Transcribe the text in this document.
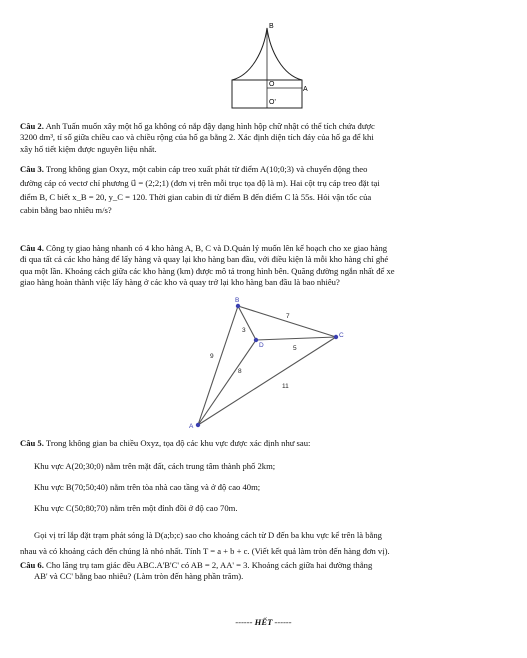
B
O
A
O'
Câu 2. Anh Tuấn muốn xây một hố ga không có nắp đậy dạng hình hộp chữ nhật có thể tích chứa được
3200 dm³, tỉ số giữa chiều cao và chiều rộng của hố ga bằng 2. Xác định diện tích đáy của hố ga để khi
xây hố tiết kiệm được nguyên liệu nhất.
Câu 3. Trong không gian Oxyz, một cabin cáp treo xuất phát từ điểm A(10;0;3) và chuyển động theo
đường cáp có vectơ chỉ phương u⃗ = (2;2;1) (đơn vị trên mỗi trục tọa độ là m). Hai cột trụ cáp treo đặt tại
điểm B, C biết x_B = 20, y_C = 120. Thời gian cabin đi từ điểm B đến điểm C là 55s. Hỏi vận tốc của
cabin bằng bao nhiêu m/s?
Câu 4. Công ty giao hàng nhanh có 4 kho hàng A, B, C và D.Quản lý muốn lên kế hoạch cho xe giao hàng
đi qua tất cả các kho hàng để lấy hàng và quay lại kho hàng ban đầu, với điều kiện là mỗi kho hàng chỉ ghé
qua một lần. Khoảng cách giữa các kho hàng (km) được mô tả trong hình bên. Quãng đường ngắn nhất để xe
giao hàng hoàn thành việc lấy hàng ở các kho và quay trở lại kho hàng ban đầu là bao nhiêu?
A
B
C
D
9
3
7
5
8
11
Câu 5. Trong không gian ba chiều Oxyz, tọa độ các khu vực được xác định như sau:
Khu vực A(20;30;0) nằm trên mặt đất, cách trung tâm thành phố 2km;
Khu vực B(70;50;40) nằm trên tòa nhà cao tầng và ở độ cao 40m;
Khu vực C(50;80;70) nằm trên một đỉnh đồi ở độ cao 70m.
Gọi vị trí lắp đặt trạm phát sóng là D(a;b;c) sao cho khoảng cách từ D đến ba khu vực kể trên là bằng
nhau và có khoảng cách đến chúng là nhỏ nhất. Tính T = a + b + c. (Viết kết quả làm tròn đến hàng đơn vị).
Câu 6. Cho lăng trụ tam giác đều ABC.A'B'C' có AB = 2, AA' = 3. Khoảng cách giữa hai đường thẳng
AB' và CC' bằng bao nhiêu? (Làm tròn đến hàng phần trăm).
------ HẾT ------
